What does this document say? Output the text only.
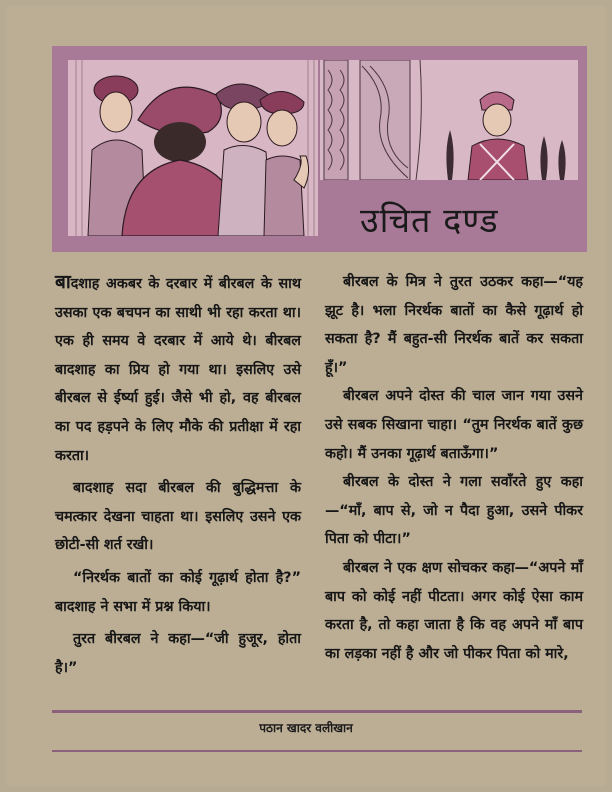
उचित दण्ड

बादशाह अकबर के दरबार में बीरबल के साथ उसका एक बचपन का साथी भी रहा करता था। एक ही समय वे दरबार में आये थे। बीरबल बादशाह का प्रिय हो गया था। इसलिए उसे बीरबल से ईर्ष्या हुई। जैसे भी हो, वह बीरबल का पद हड़पने के लिए मौके की प्रतीक्षा में रहा करता।

बादशाह सदा बीरबल की बुद्धिमत्ता के चमत्कार देखना चाहता था। इसलिए उसने एक छोटी-सी शर्त रखी।

“निरर्थक बातों का कोई गूढ़ार्थ होता है?” बादशाह ने सभा में प्रश्न किया।

तुरत बीरबल ने कहा—“जी हुजूर, होता है।”

बीरबल के मित्र ने तुरत उठकर कहा—“यह झूट है। भला निरर्थक बातों का कैसे गूढ़ार्थ हो सकता है? मैं बहुत-सी निरर्थक बातें कर सकता हूँ।”

बीरबल अपने दोस्त की चाल जान गया उसने उसे सबक सिखाना चाहा। “तुम निरर्थक बातें कुछ कहो। मैं उनका गूढ़ार्थ बताऊँगा।”

बीरबल के दोस्त ने गला सवाँरते हुए कहा—“माँ, बाप से, जो न पैदा हुआ, उसने पीकर पिता को पीटा।”

बीरबल ने एक क्षण सोचकर कहा—“अपने माँ बाप को कोई नहीं पीटता। अगर कोई ऐसा काम करता है, तो कहा जाता है कि वह अपने माँ बाप का लड़का नहीं है और जो पीकर पिता को मारे,

पठान खादर वलीखान
